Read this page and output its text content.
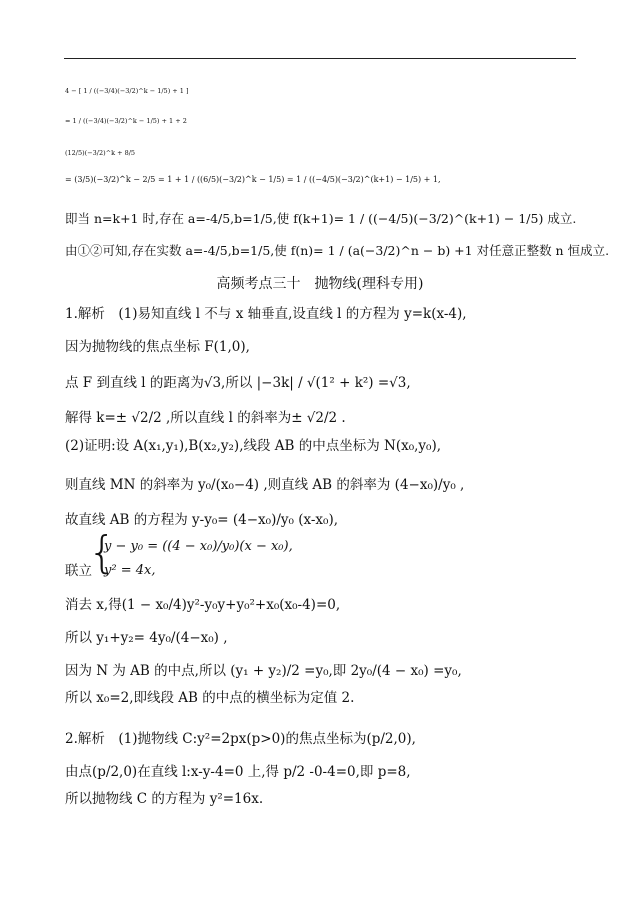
4 − [ 1 / ((−3/4)(−3/2)^k − 1/5) + 1 ]
= 1 / ((−3/4)(−3/2)^k − 1/5) + 1 + 2
(12/5)(−3/2)^k + 8/5
= (3/5)(−3/2)^k − 2/5 = 1 + 1 / ((6/5)(−3/2)^k − 1/5) = 1 / ((−4/5)(−3/2)^(k+1) − 1/5) + 1,
即当 n=k+1 时,存在 a=-4/5,b=1/5,使 f(k+1)= 1 / ((−4/5)(−3/2)^(k+1) − 1/5) 成立.
由①②可知,存在实数 a=-4/5,b=1/5,使 f(n)= 1 / (a(−3/2)^n − b) +1 对任意正整数 n 恒成立.
高频考点三十　抛物线(理科专用)
1.解析　(1)易知直线 l 不与 x 轴垂直,设直线 l 的方程为 y=k(x-4),
因为抛物线的焦点坐标 F(1,0),
点 F 到直线 l 的距离为√3,所以 |−3k| / √(1² + k²) =√3,
解得 k=± √2/2 ,所以直线 l 的斜率为± √2/2 .
(2)证明:设 A(x₁,y₁),B(x₂,y₂),线段 AB 的中点坐标为 N(x₀,y₀),
则直线 MN 的斜率为 y₀/(x₀−4) ,则直线 AB 的斜率为 (4−x₀)/y₀ ,
故直线 AB 的方程为 y-y₀= (4−x₀)/y₀ (x-x₀),
联立
{
y − y₀ = ((4 − x₀)/y₀)(x − x₀),
y² = 4x,
消去 x,得(1 − x₀/4)y²-y₀y+y₀²+x₀(x₀-4)=0,
所以 y₁+y₂= 4y₀/(4−x₀) ,
因为 N 为 AB 的中点,所以 (y₁ + y₂)/2 =y₀,即 2y₀/(4 − x₀) =y₀,
所以 x₀=2,即线段 AB 的中点的横坐标为定值 2.
2.解析　(1)抛物线 C:y²=2px(p>0)的焦点坐标为(p/2,0),
由点(p/2,0)在直线 l:x-y-4=0 上,得 p/2 -0-4=0,即 p=8,
所以抛物线 C 的方程为 y²=16x.
